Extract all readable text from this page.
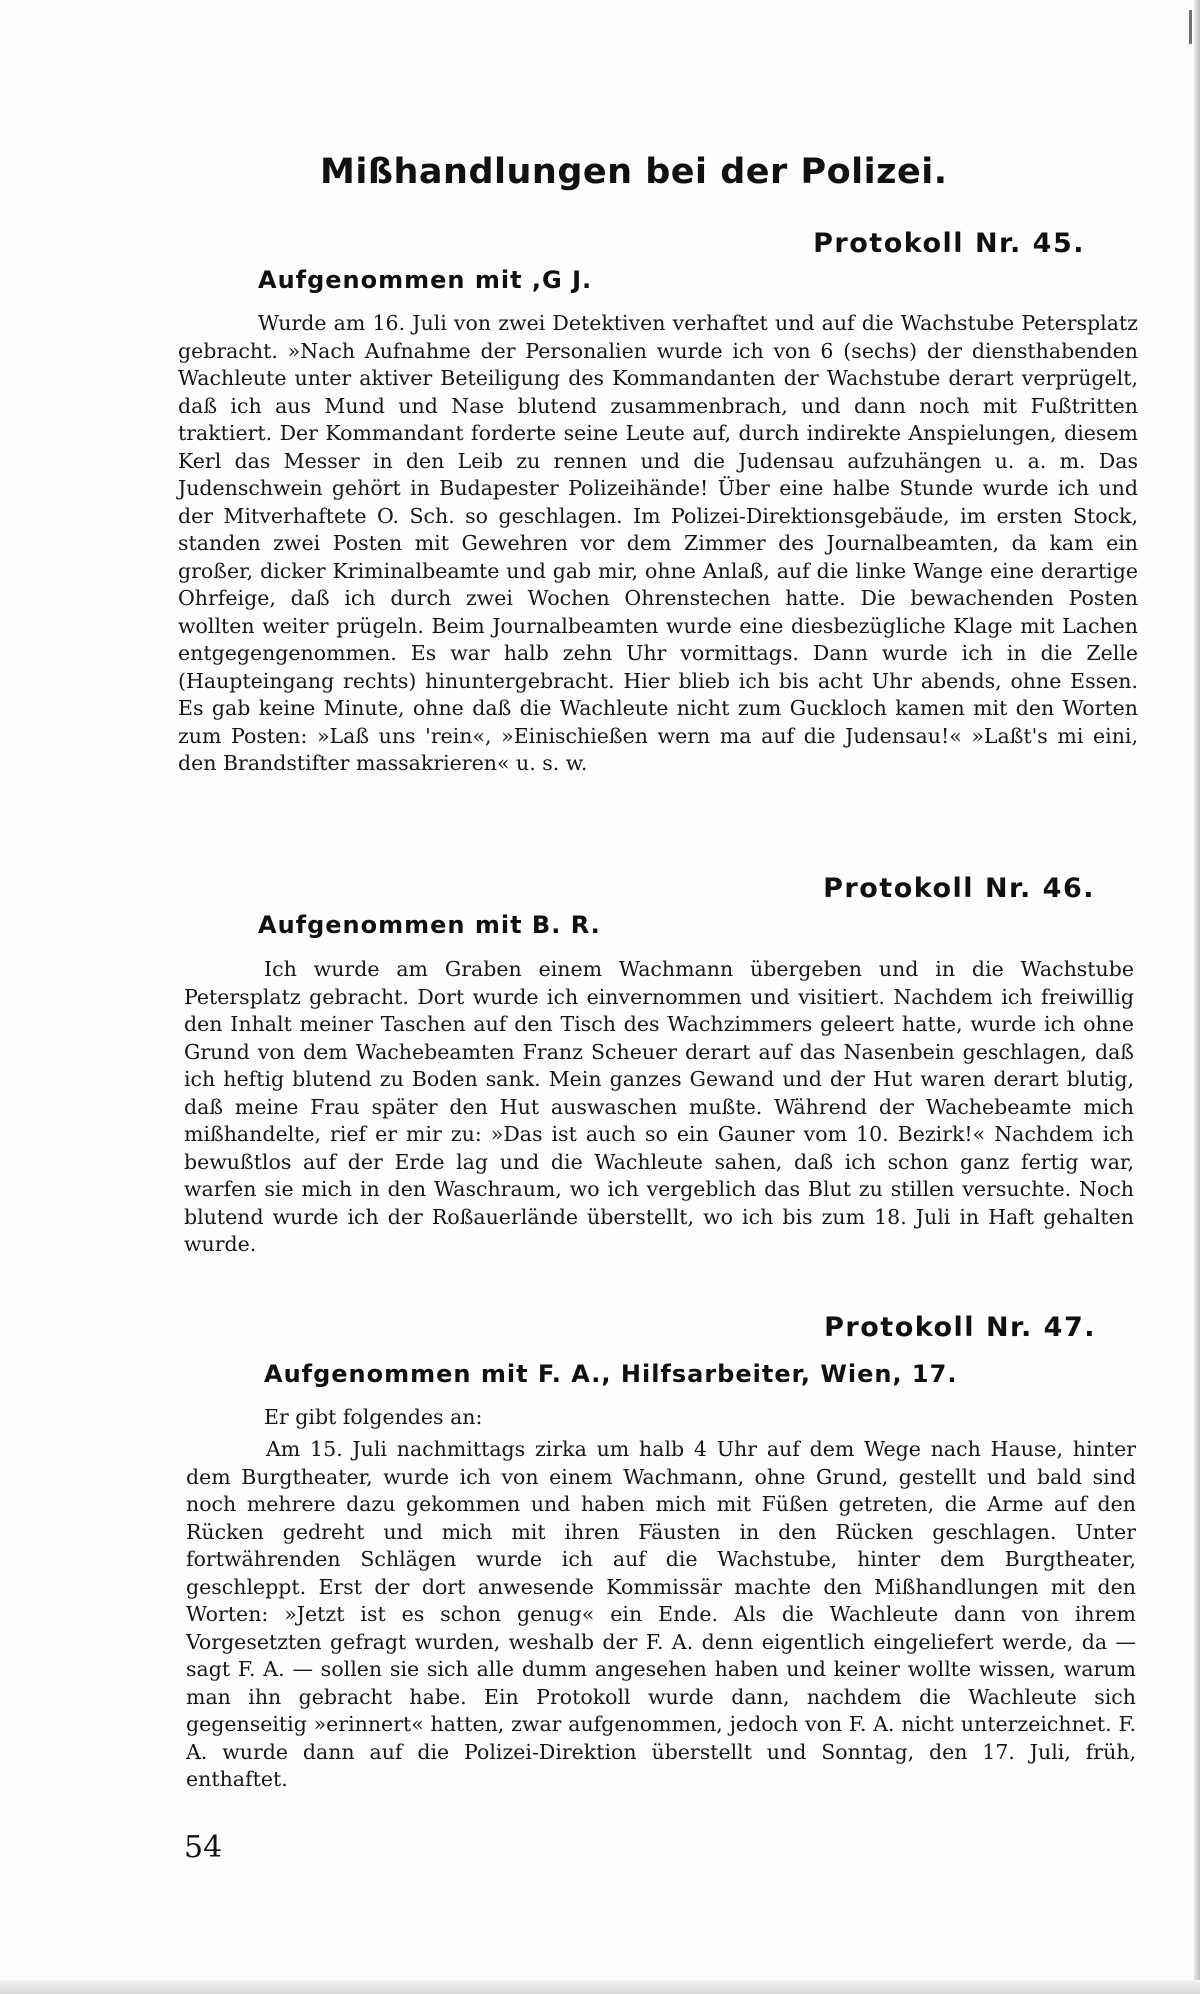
Mißhandlungen bei der Polizei.
Protokoll Nr. 45.
Aufgenommen mit ,G J.

Wurde am 16. Juli von zwei Detektiven verhaftet und auf die Wachstube Petersplatz gebracht. »Nach Aufnahme der Personalien wurde ich von 6 (sechs) der diensthabenden Wachleute unter aktiver Beteiligung des Kommandanten der Wachstube derart verprügelt, daß ich aus Mund und Nase blutend zusammenbrach, und dann noch mit Fußtritten traktiert. Der Kommandant forderte seine Leute auf, durch indirekte Anspielungen, diesem Kerl das Messer in den Leib zu rennen und die Judensau aufzuhängen u. a. m. Das Judenschwein gehört in Budapester Polizeihände! Über eine halbe Stunde wurde ich und der Mitverhaftete O. Sch. so geschlagen. Im Polizei-Direktionsgebäude, im ersten Stock, standen zwei Posten mit Gewehren vor dem Zimmer des Journalbeamten, da kam ein großer, dicker Kriminalbeamte und gab mir, ohne Anlaß, auf die linke Wange eine derartige Ohrfeige, daß ich durch zwei Wochen Ohrenstechen hatte. Die bewachenden Posten wollten weiter prügeln. Beim Journalbeamten wurde eine diesbezügliche Klage mit Lachen entgegengenommen. Es war halb zehn Uhr vormittags. Dann wurde ich in die Zelle (Haupteingang rechts) hinuntergebracht. Hier blieb ich bis acht Uhr abends, ohne Essen. Es gab keine Minute, ohne daß die Wachleute nicht zum Guckloch kamen mit den Worten zum Posten: »Laß uns 'rein«, »Einischießen wern ma auf die Judensau!« »Laßt's mi eini, den Brandstifter massakrieren« u. s. w.

Protokoll Nr. 46.
Aufgenommen mit B. R.

Ich wurde am Graben einem Wachmann übergeben und in die Wachstube Petersplatz gebracht. Dort wurde ich einvernommen und visitiert. Nachdem ich freiwillig den Inhalt meiner Taschen auf den Tisch des Wachzimmers geleert hatte, wurde ich ohne Grund von dem Wachebeamten Franz Scheuer derart auf das Nasenbein geschlagen, daß ich heftig blutend zu Boden sank. Mein ganzes Gewand und der Hut waren derart blutig, daß meine Frau später den Hut auswaschen mußte. Während der Wachebeamte mich mißhandelte, rief er mir zu: »Das ist auch so ein Gauner vom 10. Bezirk!« Nachdem ich bewußtlos auf der Erde lag und die Wachleute sahen, daß ich schon ganz fertig war, warfen sie mich in den Waschraum, wo ich vergeblich das Blut zu stillen versuchte. Noch blutend wurde ich der Roßauerlände überstellt, wo ich bis zum 18. Juli in Haft gehalten wurde.

Protokoll Nr. 47.
Aufgenommen mit F. A., Hilfsarbeiter, Wien, 17.
Er gibt folgendes an:

Am 15. Juli nachmittags zirka um halb 4 Uhr auf dem Wege nach Hause, hinter dem Burgtheater, wurde ich von einem Wachmann, ohne Grund, gestellt und bald sind noch mehrere dazu gekommen und haben mich mit Füßen getreten, die Arme auf den Rücken gedreht und mich mit ihren Fäusten in den Rücken geschlagen. Unter fortwährenden Schlägen wurde ich auf die Wachstube, hinter dem Burgtheater, geschleppt. Erst der dort anwesende Kommissär machte den Mißhandlungen mit den Worten: »Jetzt ist es schon genug« ein Ende. Als die Wachleute dann von ihrem Vorgesetzten gefragt wurden, weshalb der F. A. denn eigentlich eingeliefert werde, da — sagt F. A. — sollen sie sich alle dumm angesehen haben und keiner wollte wissen, warum man ihn gebracht habe. Ein Protokoll wurde dann, nachdem die Wachleute sich gegenseitig »erinnert« hatten, zwar aufgenommen, jedoch von F. A. nicht unterzeichnet. F. A. wurde dann auf die Polizei-Direktion überstellt und Sonntag, den 17. Juli, früh, enthaftet.

54
